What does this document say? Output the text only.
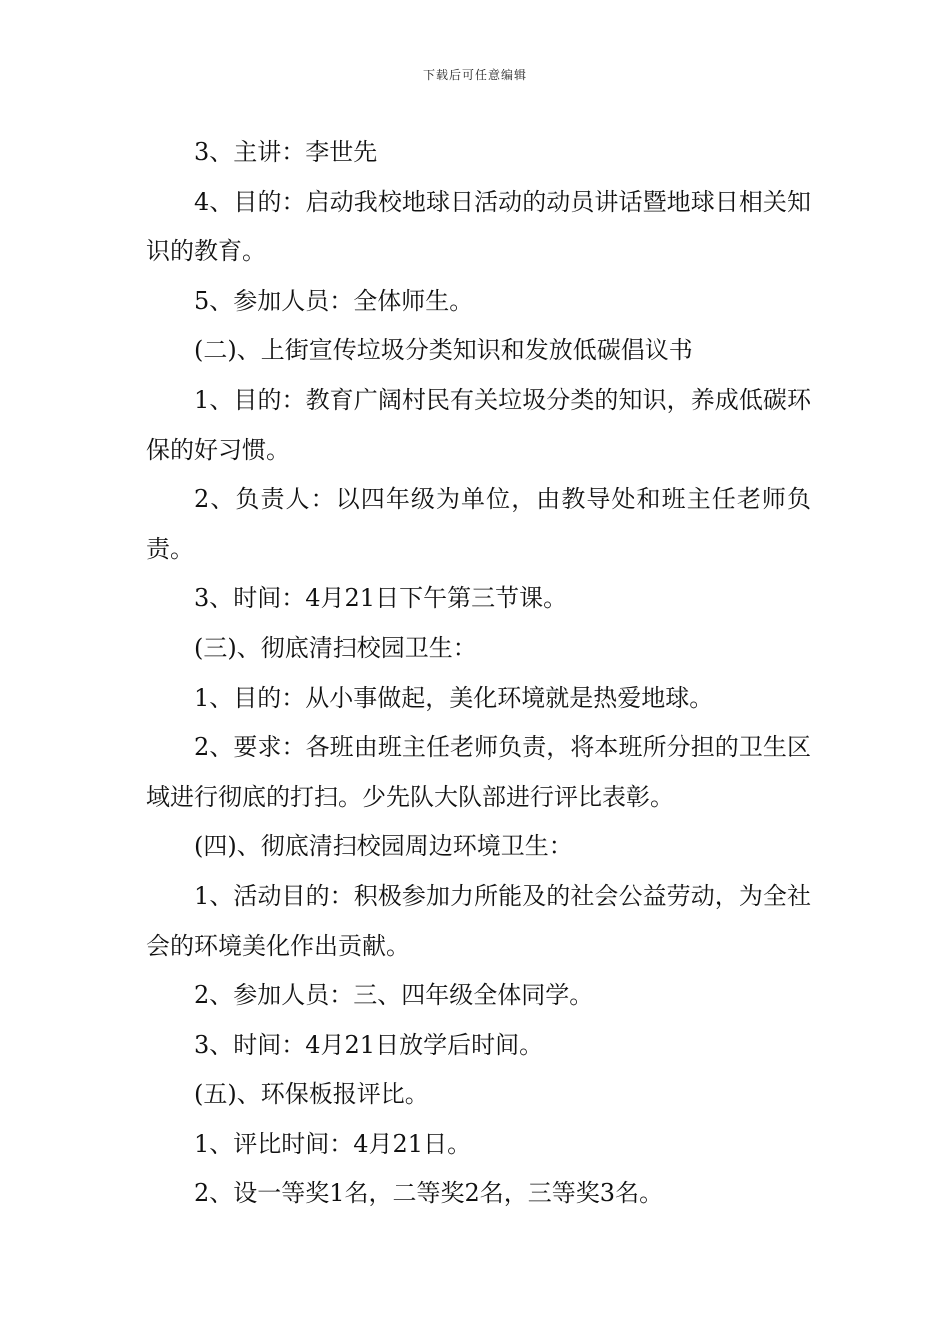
下载后可任意编辑

3、主讲：李世先

4、目的：启动我校地球日活动的动员讲话暨地球日相关知识的教育。

5、参加人员：全体师生。

(二)、上街宣传垃圾分类知识和发放低碳倡议书

1、目的：教育广阔村民有关垃圾分类的知识，养成低碳环保的好习惯。

2、负责人：以四年级为单位，由教导处和班主任老师负责。

3、时间：4月21日下午第三节课。

(三)、彻底清扫校园卫生：

1、目的：从小事做起，美化环境就是热爱地球。

2、要求：各班由班主任老师负责，将本班所分担的卫生区域进行彻底的打扫。少先队大队部进行评比表彰。

(四)、彻底清扫校园周边环境卫生：

1、活动目的：积极参加力所能及的社会公益劳动，为全社会的环境美化作出贡献。

2、参加人员：三、四年级全体同学。

3、时间：4月21日放学后时间。

(五)、环保板报评比。

1、评比时间：4月21日。

2、设一等奖1名，二等奖2名，三等奖3名。
